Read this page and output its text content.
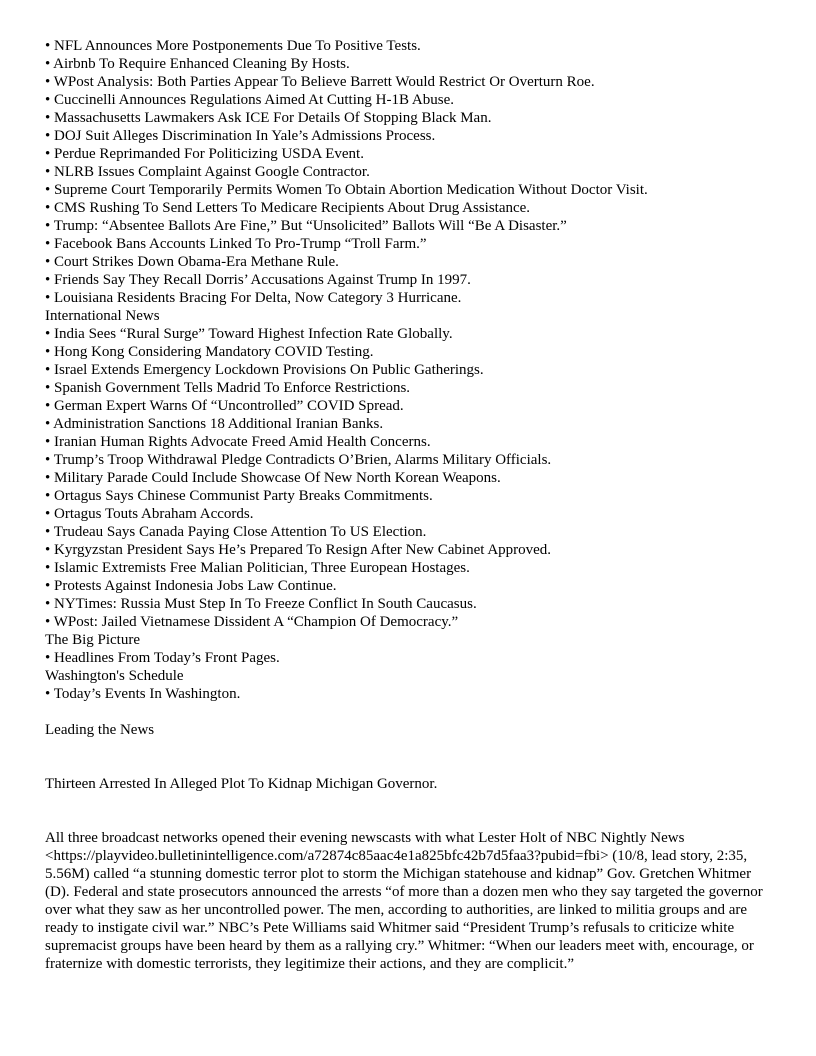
• NFL Announces More Postponements Due To Positive Tests.
• Airbnb To Require Enhanced Cleaning By Hosts.
• WPost Analysis: Both Parties Appear To Believe Barrett Would Restrict Or Overturn Roe.
• Cuccinelli Announces Regulations Aimed At Cutting H-1B Abuse.
• Massachusetts Lawmakers Ask ICE For Details Of Stopping Black Man.
• DOJ Suit Alleges Discrimination In Yale’s Admissions Process.
• Perdue Reprimanded For Politicizing USDA Event.
• NLRB Issues Complaint Against Google Contractor.
• Supreme Court Temporarily Permits Women To Obtain Abortion Medication Without Doctor Visit.
• CMS Rushing To Send Letters To Medicare Recipients About Drug Assistance.
• Trump: “Absentee Ballots Are Fine,” But “Unsolicited” Ballots Will “Be A Disaster.”
• Facebook Bans Accounts Linked To Pro-Trump “Troll Farm.”
• Court Strikes Down Obama-Era Methane Rule.
• Friends Say They Recall Dorris’ Accusations Against Trump In 1997.
• Louisiana Residents Bracing For Delta, Now Category 3 Hurricane.
International News
• India Sees “Rural Surge” Toward Highest Infection Rate Globally.
• Hong Kong Considering Mandatory COVID Testing.
• Israel Extends Emergency Lockdown Provisions On Public Gatherings.
• Spanish Government Tells Madrid To Enforce Restrictions.
• German Expert Warns Of “Uncontrolled” COVID Spread.
• Administration Sanctions 18 Additional Iranian Banks.
• Iranian Human Rights Advocate Freed Amid Health Concerns.
• Trump’s Troop Withdrawal Pledge Contradicts O’Brien, Alarms Military Officials.
• Military Parade Could Include Showcase Of New North Korean Weapons.
• Ortagus Says Chinese Communist Party Breaks Commitments.
• Ortagus Touts Abraham Accords.
• Trudeau Says Canada Paying Close Attention To US Election.
• Kyrgyzstan President Says He’s Prepared To Resign After New Cabinet Approved.
• Islamic Extremists Free Malian Politician, Three European Hostages.
• Protests Against Indonesia Jobs Law Continue.
• NYTimes: Russia Must Step In To Freeze Conflict In South Caucasus.
• WPost: Jailed Vietnamese Dissident A “Champion Of Democracy.”
The Big Picture
• Headlines From Today’s Front Pages.
Washington's Schedule
• Today’s Events In Washington.
Leading the News
Thirteen Arrested In Alleged Plot To Kidnap Michigan Governor.

All three broadcast networks opened their evening newscasts with what Lester Holt of NBC Nightly News <https://playvideo.bulletinintelligence.com/a72874c85aac4e1a825bfc42b7d5faa3?pubid=fbi> (10/8, lead story, 2:35, 5.56M) called “a stunning domestic terror plot to storm the Michigan statehouse and kidnap” Gov. Gretchen Whitmer (D). Federal and state prosecutors announced the arrests “of more than a dozen men who they say targeted the governor over what they saw as her uncontrolled power. The men, according to authorities, are linked to militia groups and are ready to instigate civil war.” NBC’s Pete Williams said Whitmer said “President Trump’s refusals to criticize white supremacist groups have been heard by them as a rallying cry.” Whitmer: “When our leaders meet with, encourage, or fraternize with domestic terrorists, they legitimize their actions, and they are complicit.”
